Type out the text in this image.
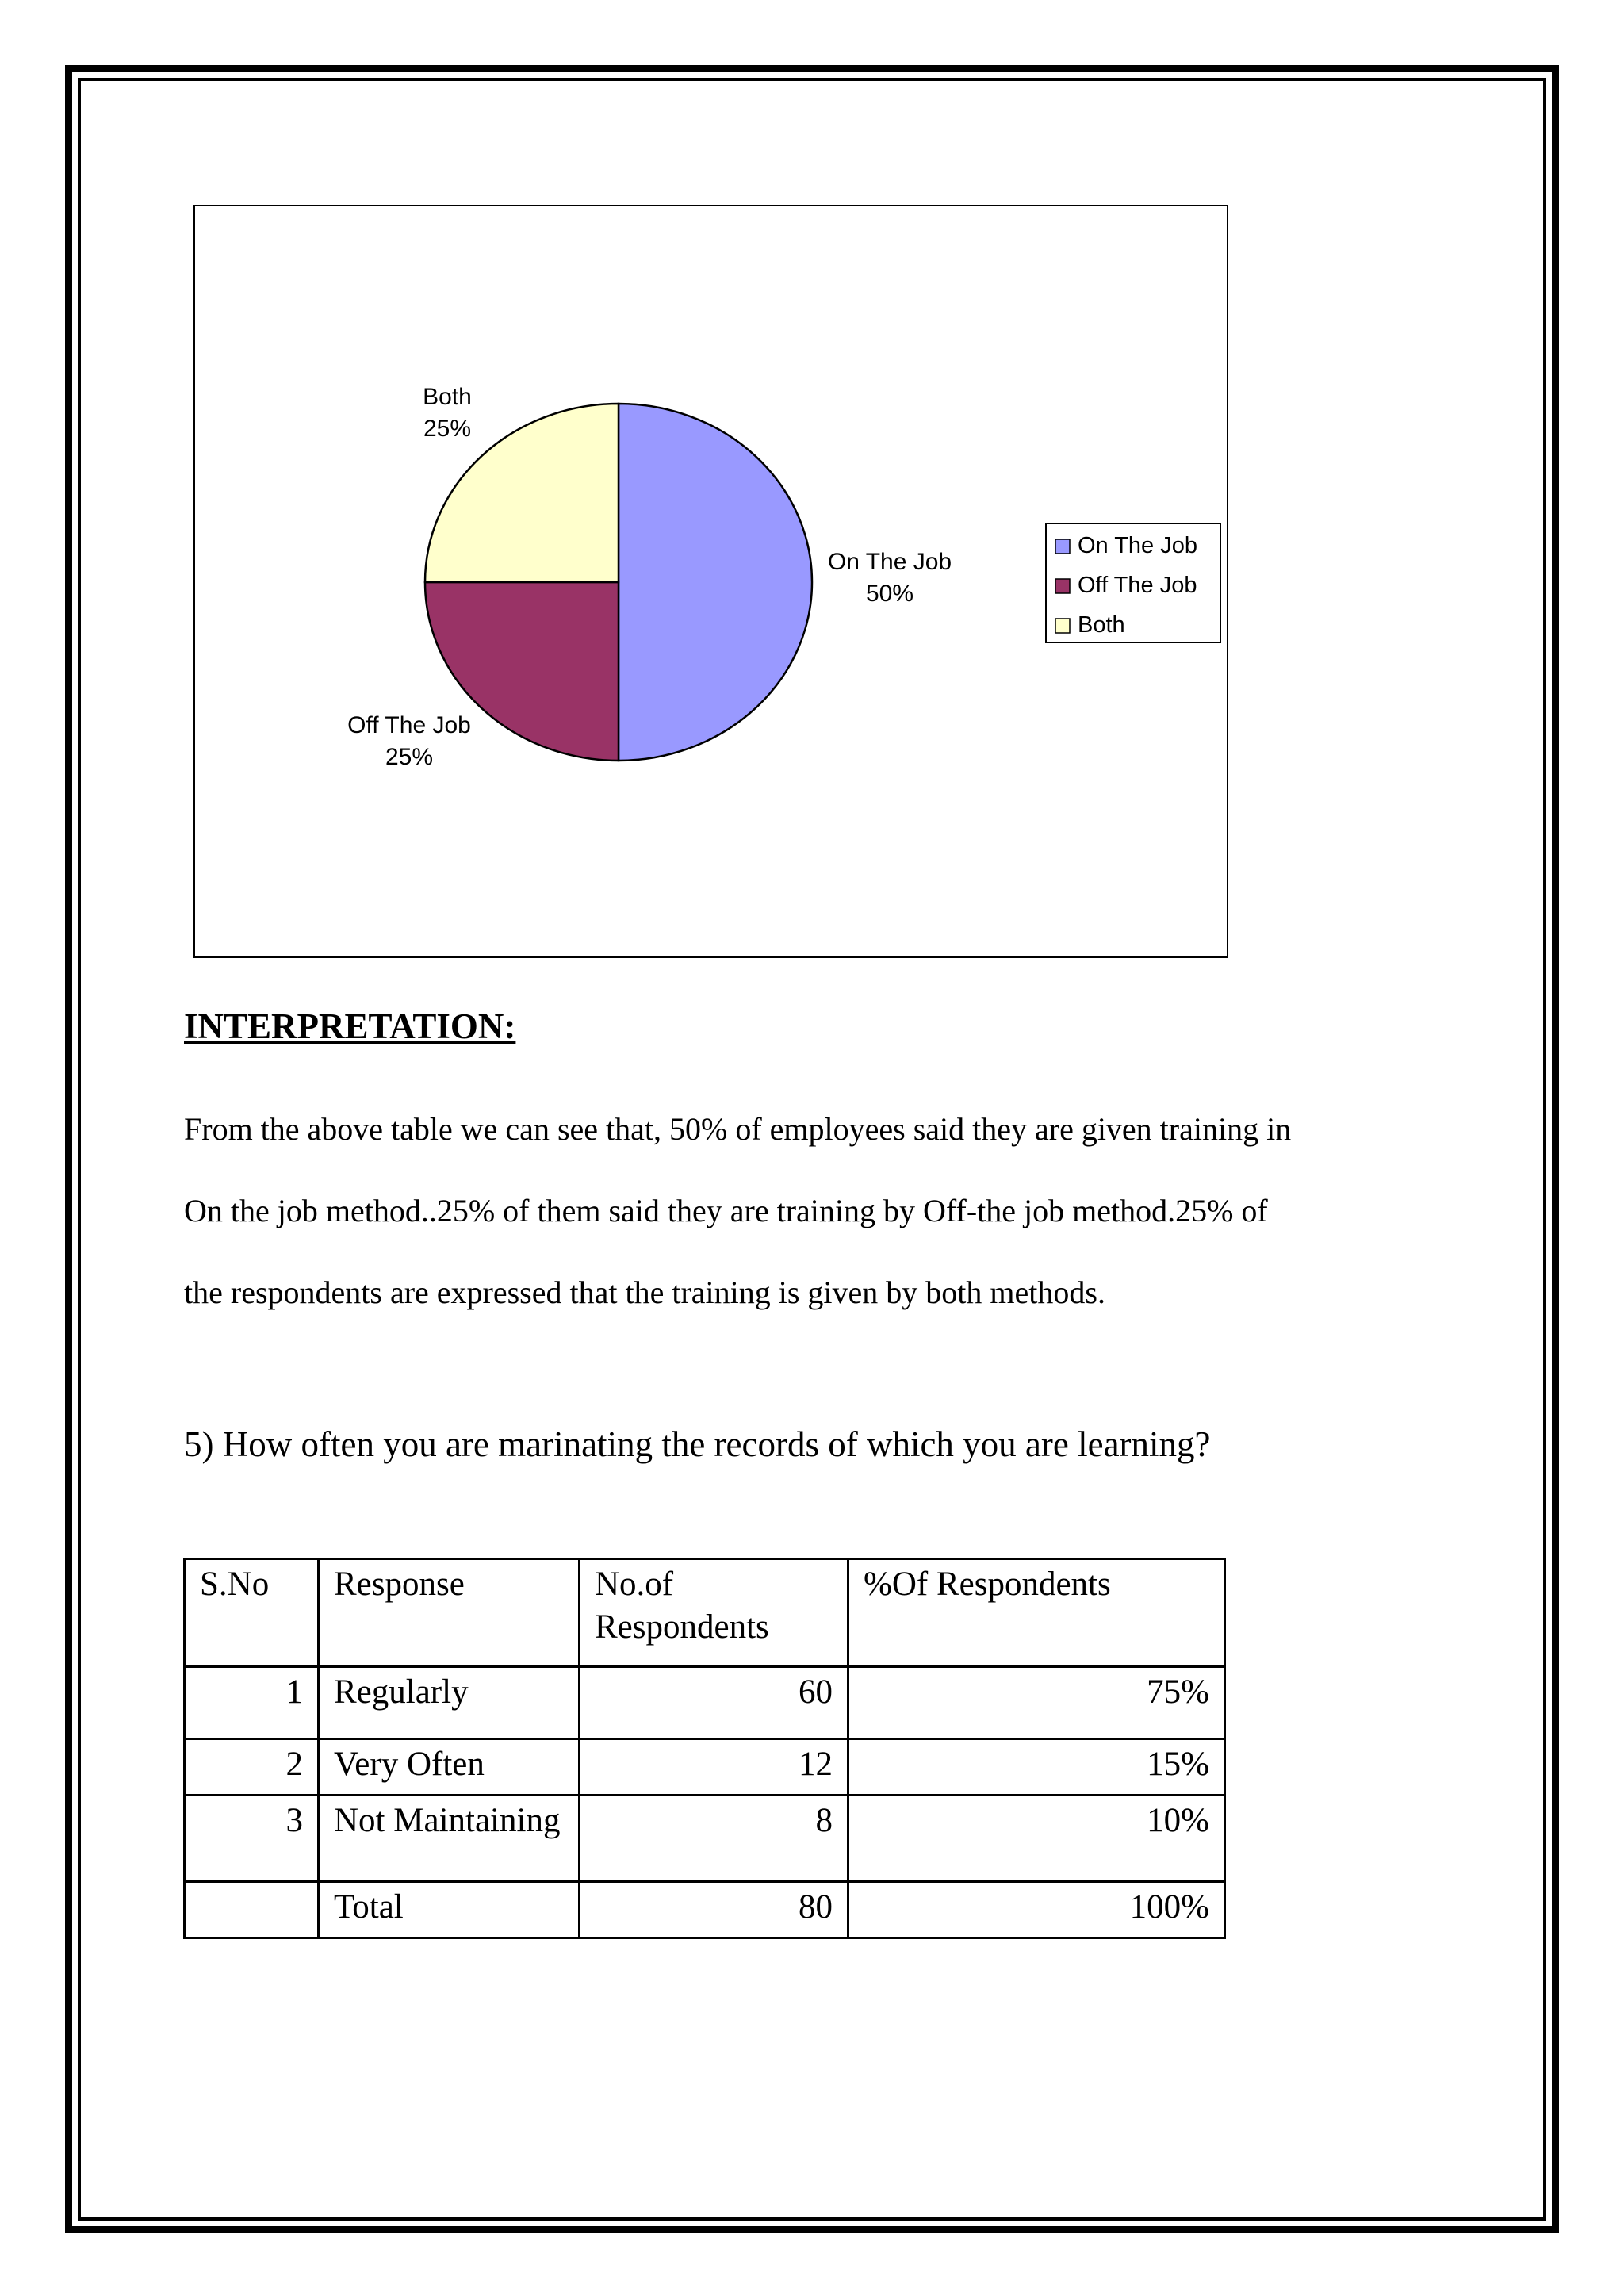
On The Job
50%
Off The Job
25%
Both
25%
On The Job
Off The Job
Both
INTERPRETATION:
From the above table we can see that, 50% of employees said they are given training in
On the job method..25% of them said they are training by Off-the job method.25% of
the respondents are expressed that the training is given by both methods.
5) How often you are marinating the records of which you are learning?
S.No	Response	No.of Respondents	%Of Respondents
1	Regularly	60	75%
2	Very Often	12	15%
3	Not Maintaining	8	10%
	Total	80	100%
